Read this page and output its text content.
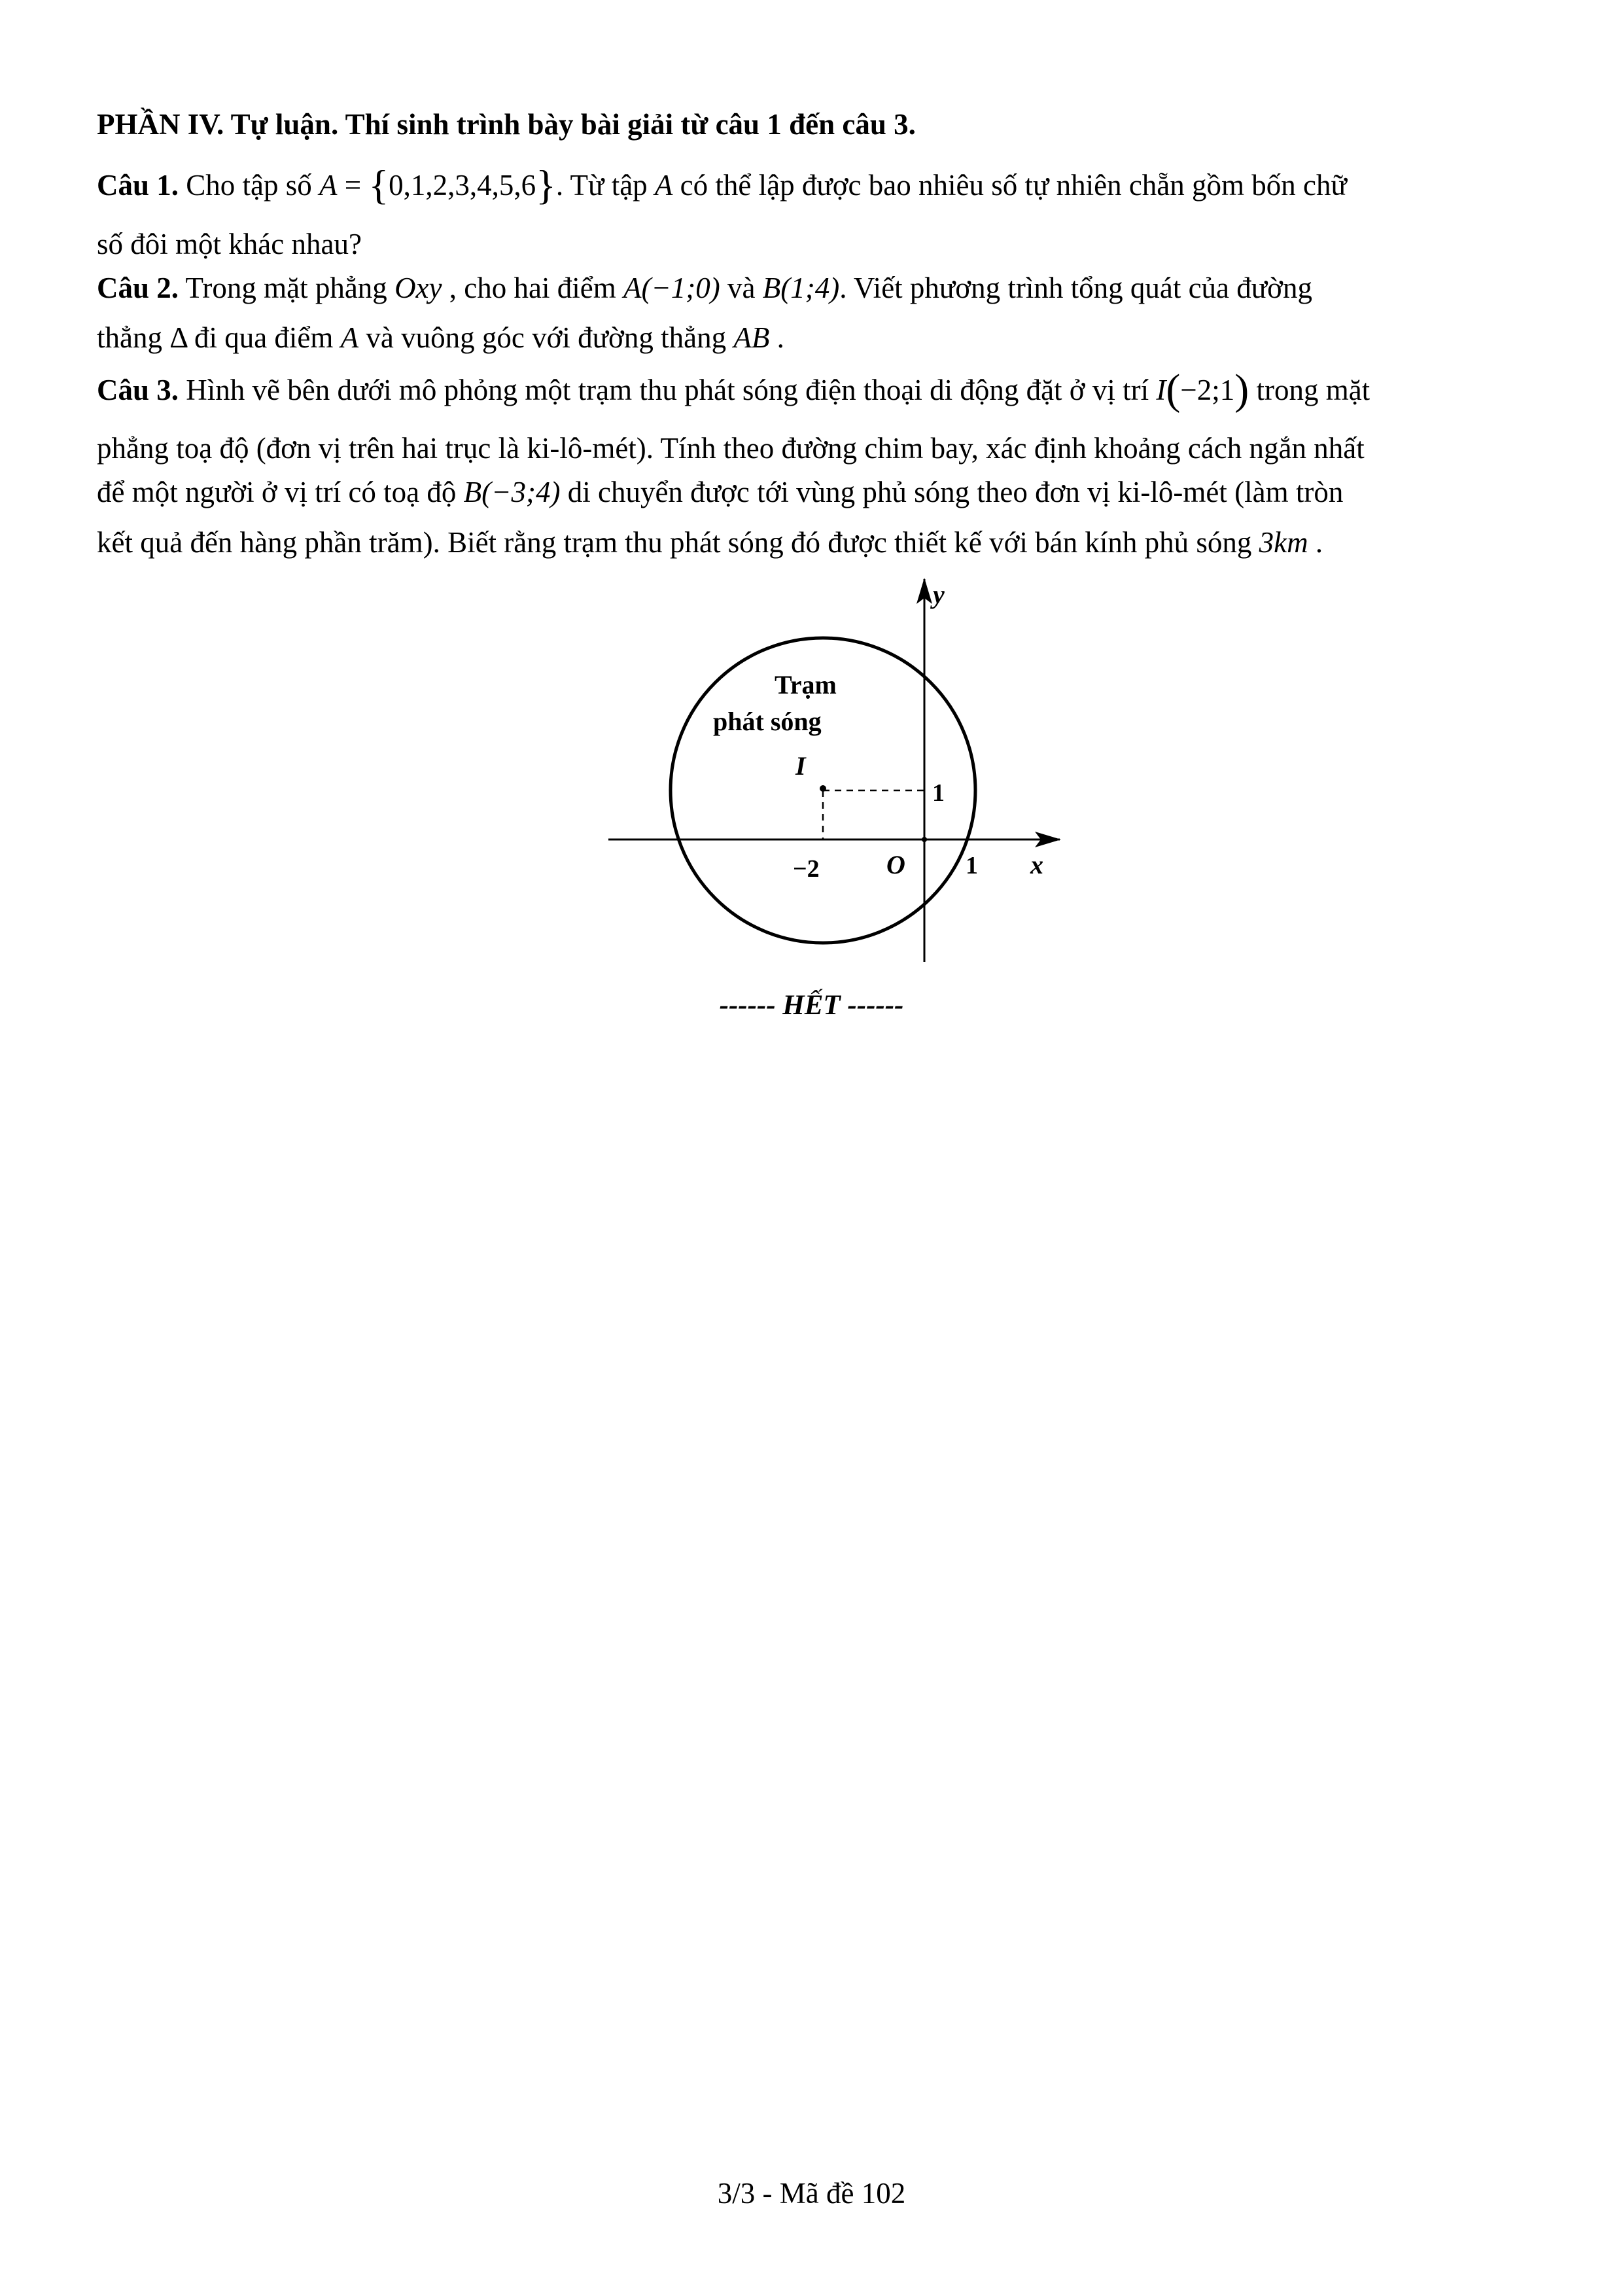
PHẦN IV. Tự luận. Thí sinh trình bày bài giải từ câu 1 đến câu 3.
Câu 1. Cho tập số A = {0,1,2,3,4,5,6}. Từ tập A có thể lập được bao nhiêu số tự nhiên chẵn gồm bốn chữ
số đôi một khác nhau?
Câu 2. Trong mặt phẳng Oxy , cho hai điểm A(−1;0) và B(1;4). Viết phương trình tổng quát của đường
thẳng Δ đi qua điểm A và vuông góc với đường thẳng AB .
Câu 3. Hình vẽ bên dưới mô phỏng một trạm thu phát sóng điện thoại di động đặt ở vị trí I(−2;1) trong mặt
phẳng toạ độ (đơn vị trên hai trục là ki-lô-mét). Tính theo đường chim bay, xác định khoảng cách ngắn nhất
để một người ở vị trí có toạ độ B(−3;4) di chuyển được tới vùng phủ sóng theo đơn vị ki-lô-mét (làm tròn
kết quả đến hàng phần trăm). Biết rằng trạm thu phát sóng đó được thiết kế với bán kính phủ sóng 3km .
Trạm
phát sóng
I
1
−2	O 1 x
y
------ HẾT ------
3/3 - Mã đề 102
